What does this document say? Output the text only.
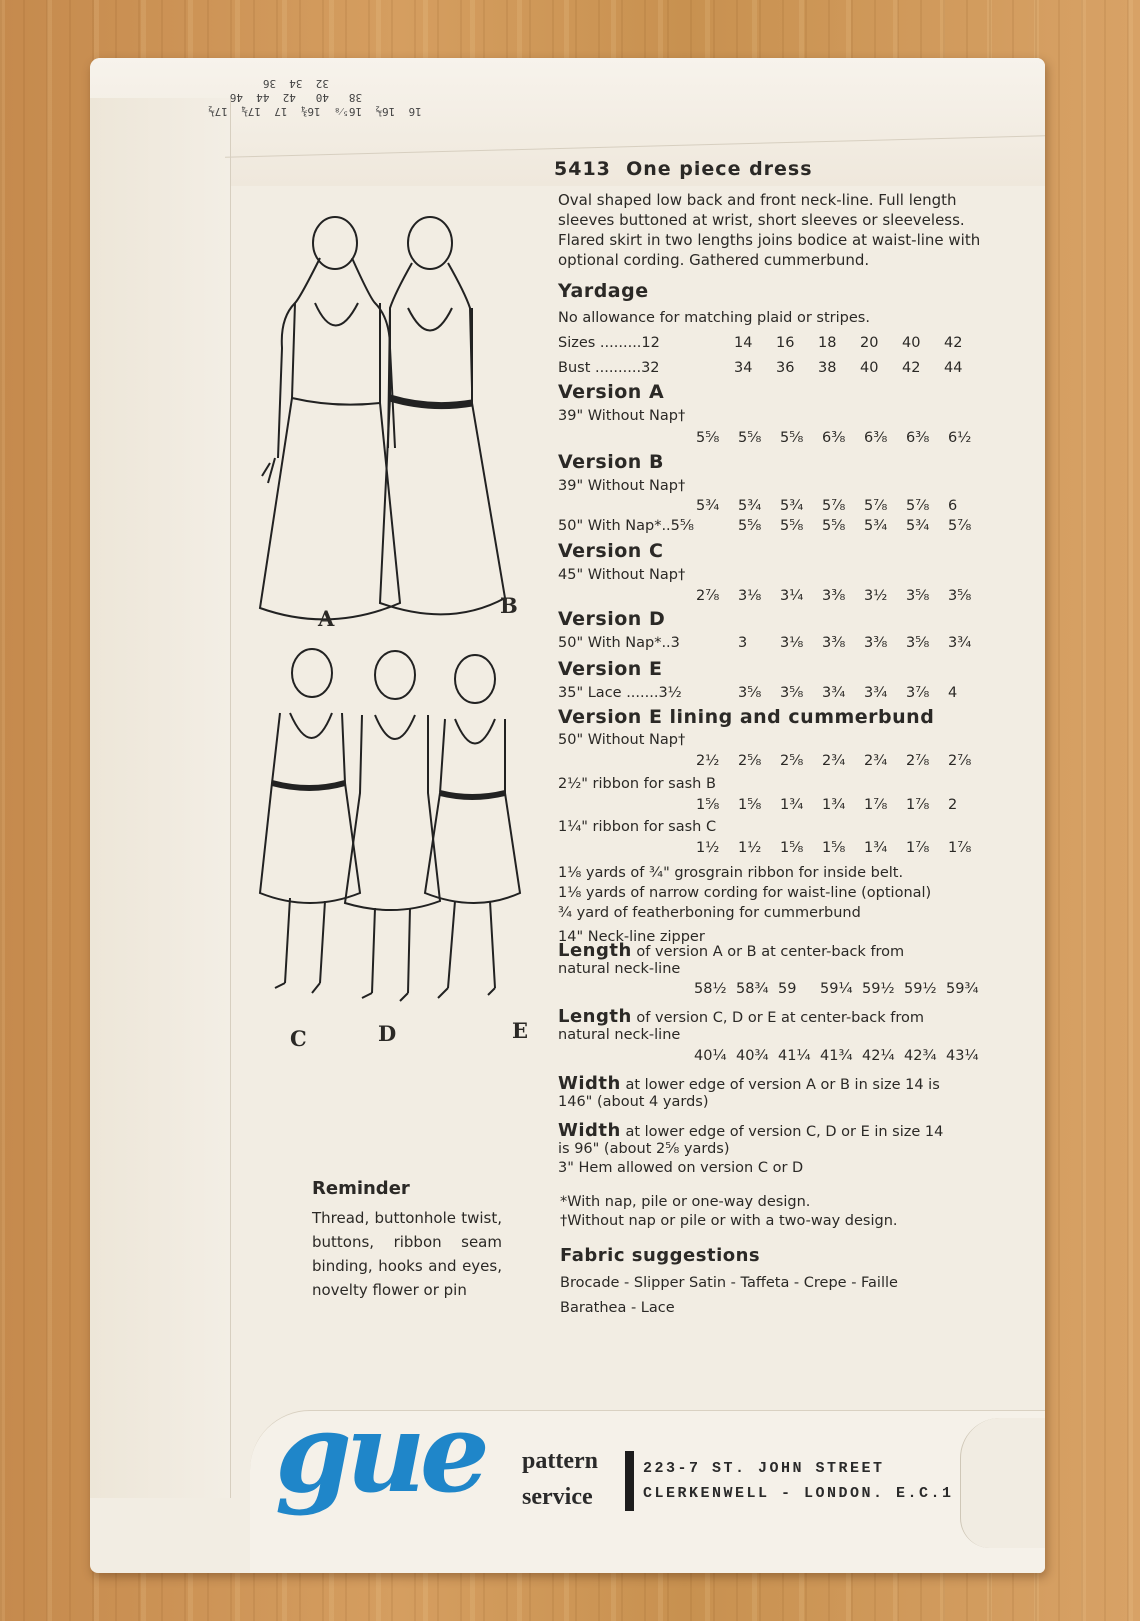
16  16½  16⁵⁄₈  16¾  17  17¼  17½
38   40   42  44  46
32  34  36
A
B
C	D	E
5413 One piece dress
Oval shaped low back and front neck-line. Full length sleeves buttoned at wrist, short sleeves or sleeveless. Flared skirt in two lengths joins bodice at waist-line with optional cording. Gathered cummerbund.
Yardage
No allowance for matching plaid or stripes.
Sizes .........12	14	16	18	20	40	42
Bust ..........32	34	36	38	40	42	44
Version A
39" Without Nap†
5⁵⁄₈	5⁵⁄₈	5⁵⁄₈	6³⁄₈	6³⁄₈	6³⁄₈	6½
Version B
39" Without Nap†
5¾	5¾	5¾	5⁷⁄₈	5⁷⁄₈	5⁷⁄₈	6
50" With Nap*..5⁵⁄₈	5⁵⁄₈	5⁵⁄₈	5⁵⁄₈	5¾	5¾	5⁷⁄₈
Version C
45" Without Nap†
2⁷⁄₈	3⅛	3¼	3³⁄₈	3½	3⁵⁄₈	3⁵⁄₈
Version D
50" With Nap*..3	3	3⅛	3³⁄₈	3³⁄₈	3⁵⁄₈	3¾
Version E
35" Lace .......3½	3⁵⁄₈	3⁵⁄₈	3¾	3¾	3⁷⁄₈	4
Version E lining and cummerbund
50" Without Nap†
2½	2⁵⁄₈	2⁵⁄₈	2¾	2¾	2⁷⁄₈	2⁷⁄₈
2½" ribbon for sash B
1⁵⁄₈	1⁵⁄₈	1¾	1¾	1⁷⁄₈	1⁷⁄₈	2
1¼" ribbon for sash C
1½	1½	1⁵⁄₈	1⁵⁄₈	1¾	1⁷⁄₈	1⁷⁄₈
1⅛ yards of ¾" grosgrain ribbon for inside belt.
1⅛ yards of narrow cording for waist-line (optional)
¾ yard of featherboning for cummerbund
14" Neck-line zipper
Length of version A or B at center-back from
natural neck-line
58½ 58¾ 59	59¼ 59½ 59½ 59¾
Length of version C, D or E at center-back from
natural neck-line
40¼ 40¾ 41¼ 41¾ 42¼ 42¾ 43¼
Width at lower edge of version A or B in size 14 is
146" (about 4 yards)
Width at lower edge of version C, D or E in size 14
is 96" (about 2⁵⁄₈ yards)
3" Hem allowed on version C or D
*With nap, pile or one-way design.
†Without nap or pile or with a two-way design.
Fabric suggestions
Brocade - Slipper Satin - Taffeta - Crepe - Faille
Barathea - Lace
Reminder
Thread, buttonhole twist, buttons, ribbon seam binding, hooks and eyes, novelty flower or pin
gue pattern
service
223-7 ST. JOHN STREET
CLERKENWELL - LONDON. E.C.1
